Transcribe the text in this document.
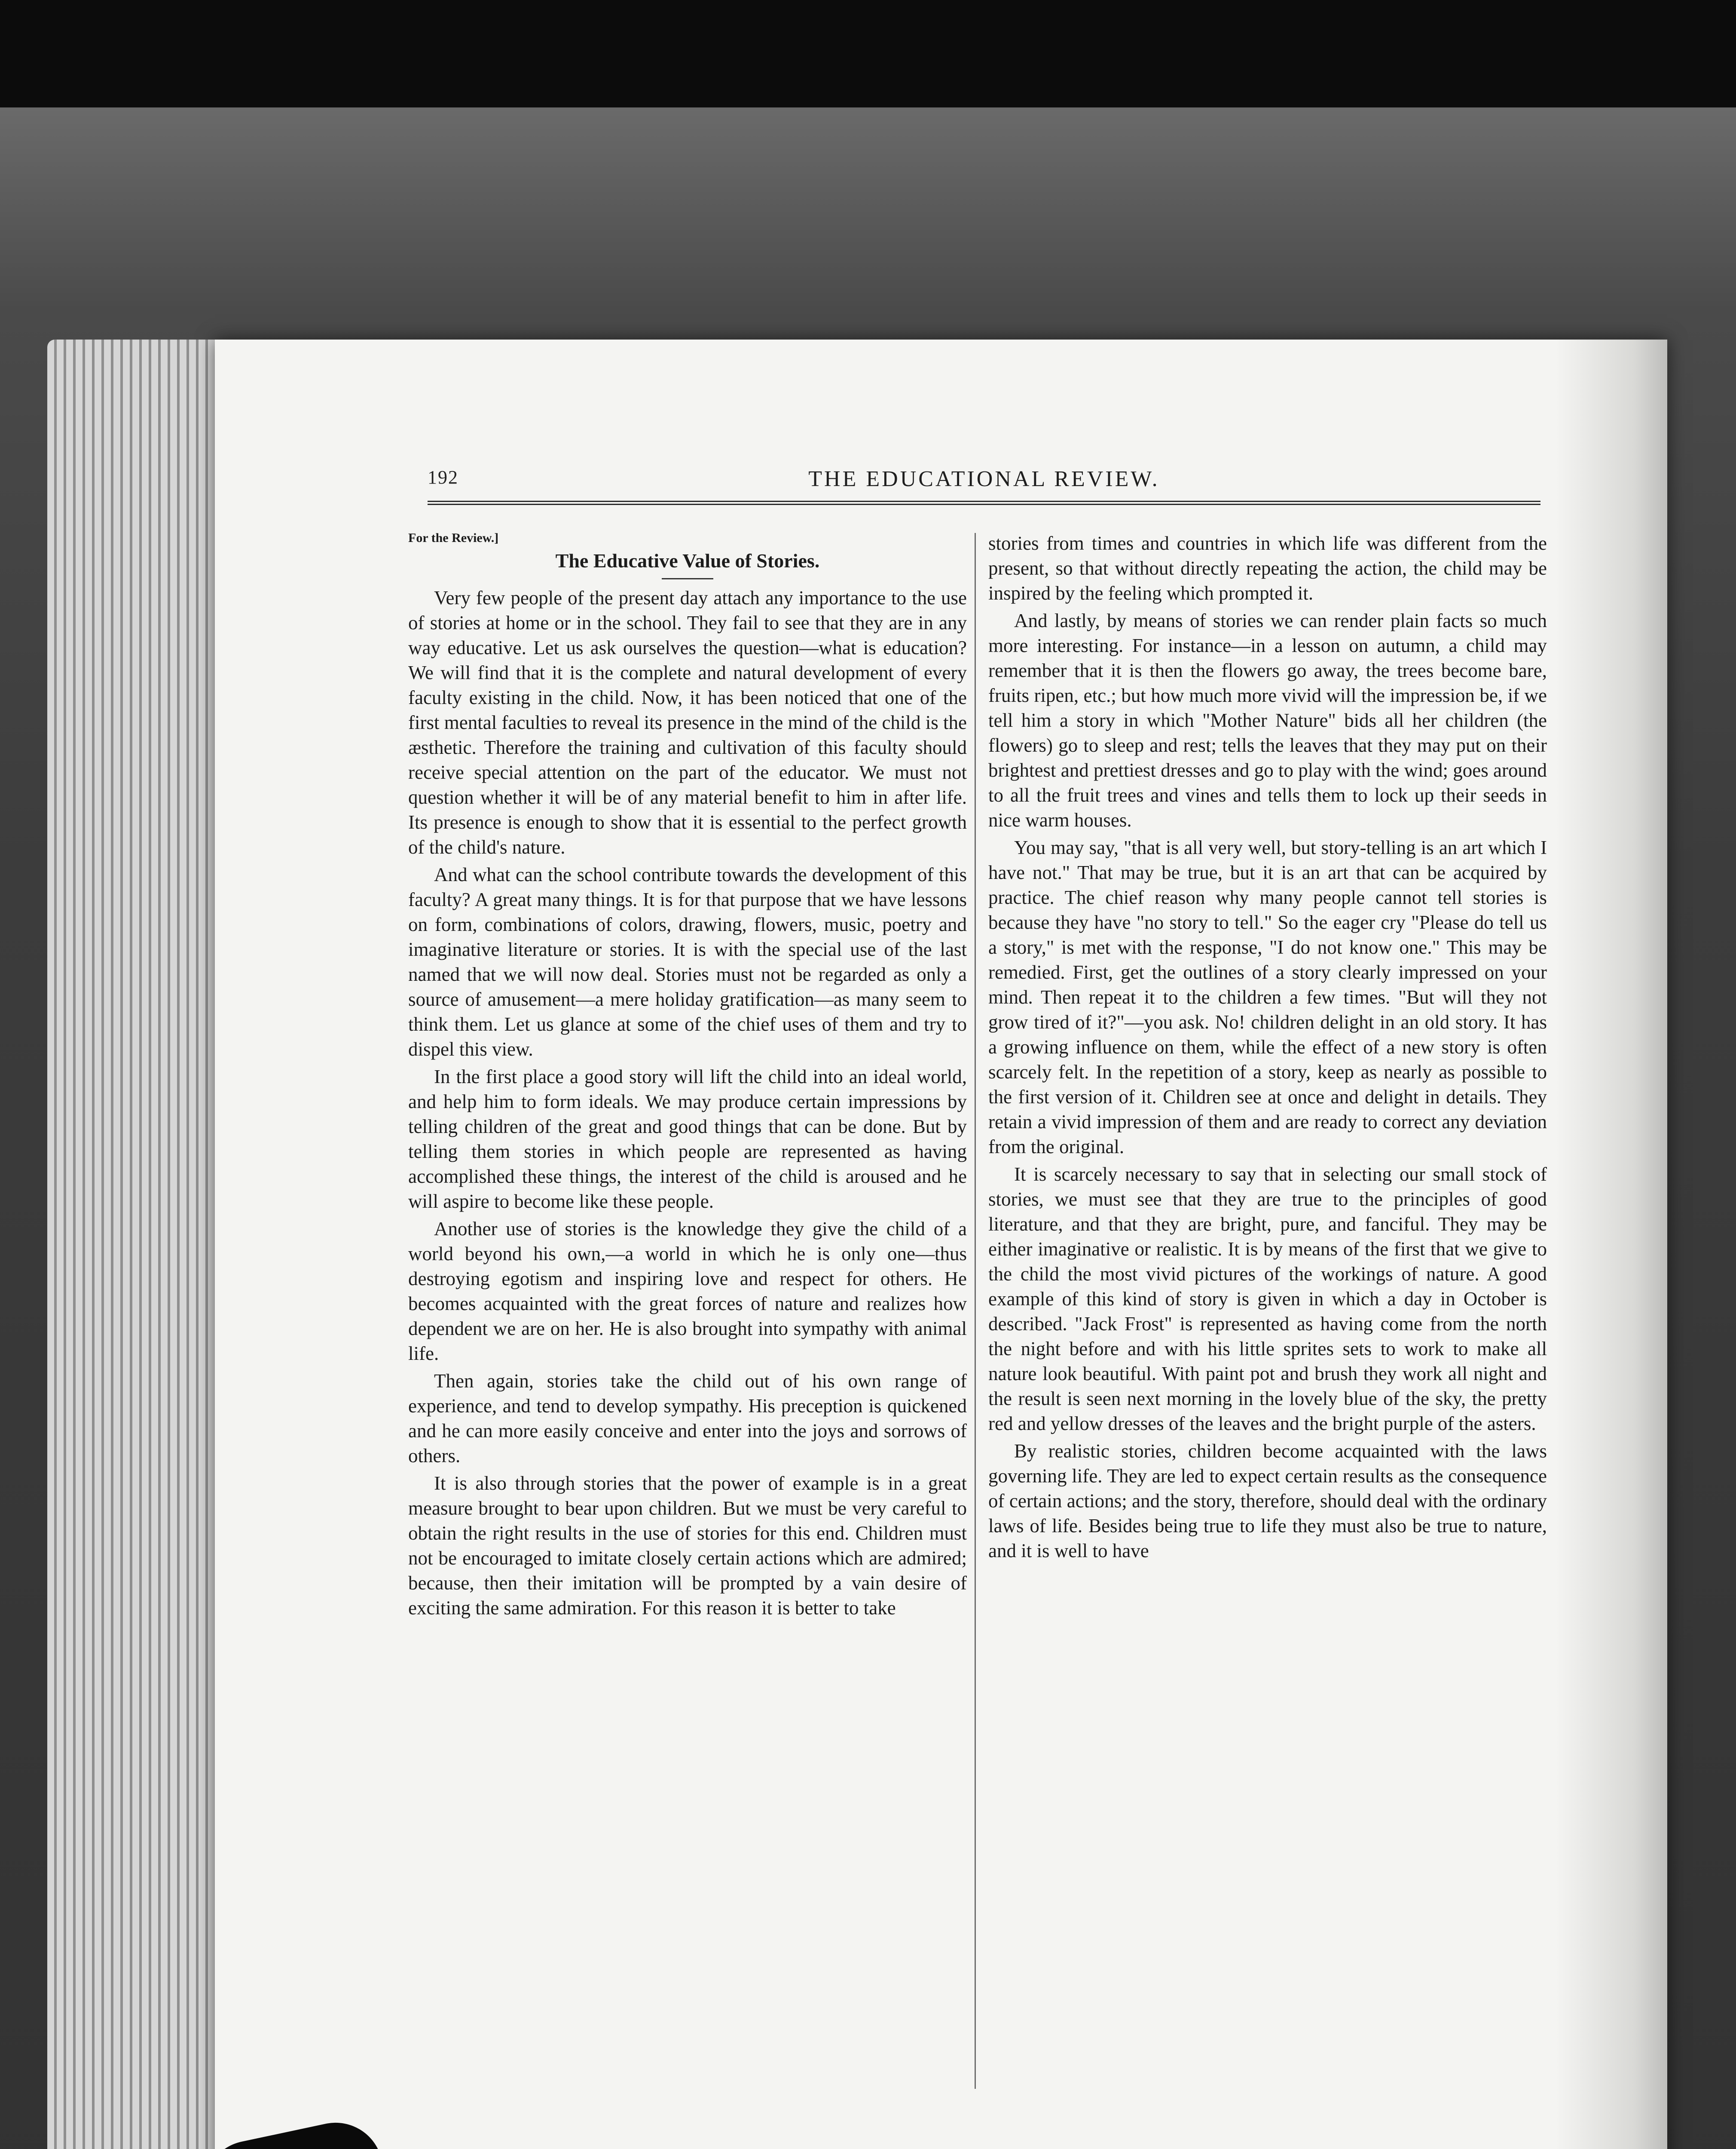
192	THE EDUCATIONAL REVIEW.

For the Review.]

The Educative Value of Stories.

Very few people of the present day attach any importance to the use of stories at home or in the school. They fail to see that they are in any way educative. Let us ask ourselves the question—what is education? We will find that it is the complete and natural development of every faculty existing in the child. Now, it has been noticed that one of the first mental faculties to reveal its presence in the mind of the child is the æsthetic. Therefore the training and cultivation of this faculty should receive special attention on the part of the educator. We must not question whether it will be of any material benefit to him in after life. Its presence is enough to show that it is essential to the perfect growth of the child's nature.

And what can the school contribute towards the development of this faculty? A great many things. It is for that purpose that we have lessons on form, combinations of colors, drawing, flowers, music, poetry and imaginative literature or stories. It is with the special use of the last named that we will now deal. Stories must not be regarded as only a source of amusement—a mere holiday gratification—as many seem to think them. Let us glance at some of the chief uses of them and try to dispel this view.

In the first place a good story will lift the child into an ideal world, and help him to form ideals. We may produce certain impressions by telling children of the great and good things that can be done. But by telling them stories in which people are represented as having accomplished these things, the interest of the child is aroused and he will aspire to become like these people.

Another use of stories is the knowledge they give the child of a world beyond his own,—a world in which he is only one—thus destroying egotism and inspiring love and respect for others. He becomes acquainted with the great forces of nature and realizes how dependent we are on her. He is also brought into sympathy with animal life.

Then again, stories take the child out of his own range of experience, and tend to develop sympathy. His preception is quickened and he can more easily conceive and enter into the joys and sorrows of others.

It is also through stories that the power of example is in a great measure brought to bear upon children. But we must be very careful to obtain the right results in the use of stories for this end. Children must not be encouraged to imitate closely certain actions which are admired; because, then their imitation will be prompted by a vain desire of exciting the same admiration. For this reason it is better to take

stories from times and countries in which life was different from the present, so that without directly repeating the action, the child may be inspired by the feeling which prompted it.

And lastly, by means of stories we can render plain facts so much more interesting. For instance—in a lesson on autumn, a child may remember that it is then the flowers go away, the trees become bare, fruits ripen, etc.; but how much more vivid will the impression be, if we tell him a story in which "Mother Nature" bids all her children (the flowers) go to sleep and rest; tells the leaves that they may put on their brightest and prettiest dresses and go to play with the wind; goes around to all the fruit trees and vines and tells them to lock up their seeds in nice warm houses.

You may say, "that is all very well, but story-telling is an art which I have not." That may be true, but it is an art that can be acquired by practice. The chief reason why many people cannot tell stories is because they have "no story to tell." So the eager cry "Please do tell us a story," is met with the response, "I do not know one." This may be remedied. First, get the outlines of a story clearly impressed on your mind. Then repeat it to the children a few times. "But will they not grow tired of it?"—you ask. No! children delight in an old story. It has a growing influence on them, while the effect of a new story is often scarcely felt. In the repetition of a story, keep as nearly as possible to the first version of it. Children see at once and delight in details. They retain a vivid impression of them and are ready to correct any deviation from the original.

It is scarcely necessary to say that in selecting our small stock of stories, we must see that they are true to the principles of good literature, and that they are bright, pure, and fanciful. They may be either imaginative or realistic. It is by means of the first that we give to the child the most vivid pictures of the workings of nature. A good example of this kind of story is given in which a day in October is described. "Jack Frost" is represented as having come from the north the night before and with his little sprites sets to work to make all nature look beautiful. With paint pot and brush they work all night and the result is seen next morning in the lovely blue of the sky, the pretty red and yellow dresses of the leaves and the bright purple of the asters.

By realistic stories, children become acquainted with the laws governing life. They are led to expect certain results as the consequence of certain actions; and the story, therefore, should deal with the ordinary laws of life. Besides being true to life they must also be true to nature, and it is well to have
